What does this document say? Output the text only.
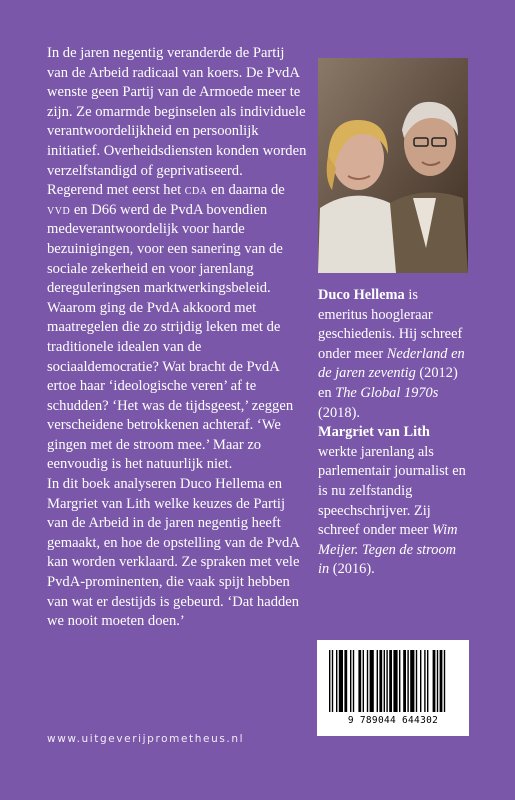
In de jaren negentig veranderde de Partij van de Arbeid radicaal van koers. De PvdA wenste geen Partij van de Armoede meer te zijn. Ze omarmde beginselen als individuele verantwoordelijkheid en persoonlijk initiatief. Overheidsdiensten konden worden verzelfstandigd of geprivatiseerd.

Regerend met eerst het cda en daarna de vvd en D66 werd de PvdA bovendien medeverantwoordelijk voor harde bezuinigingen, voor een sanering van de sociale zekerheid en voor jarenlang dereguleringsen marktwerkingsbeleid.

Waarom ging de PvdA akkoord met maatregelen die zo strijdig leken met de traditionele idealen van de sociaaldemocratie? Wat bracht de PvdA ertoe haar ‘ideologische veren’ af te schudden? ‘Het was de tijdsgeest,’ zeggen verscheidene betrokkenen achteraf. ‘We gingen met de stroom mee.’ Maar zo eenvoudig is het natuurlijk niet.

In dit boek analyseren Duco Hellema en Margriet van Lith welke keuzes de Partij van de Arbeid in de jaren negentig heeft gemaakt, en hoe de opstelling van de PvdA kan worden verklaard. Ze spraken met vele PvdA-prominenten, die vaak spijt hebben van wat er destijds is gebeurd. ‘Dat hadden we nooit moeten doen.’

Duco Hellema is emeritus hoogleraar geschiedenis. Hij schreef onder meer Nederland en de jaren zeventig (2012) en The Global 1970s (2018).

Margriet van Lith werkte jarenlang als parlementair journalist en is nu zelfstandig speechschrijver. Zij schreef onder meer Wim Meijer. Tegen de stroom in (2016).

9 789044 644302
www.uitgeverijprometheus.nl
